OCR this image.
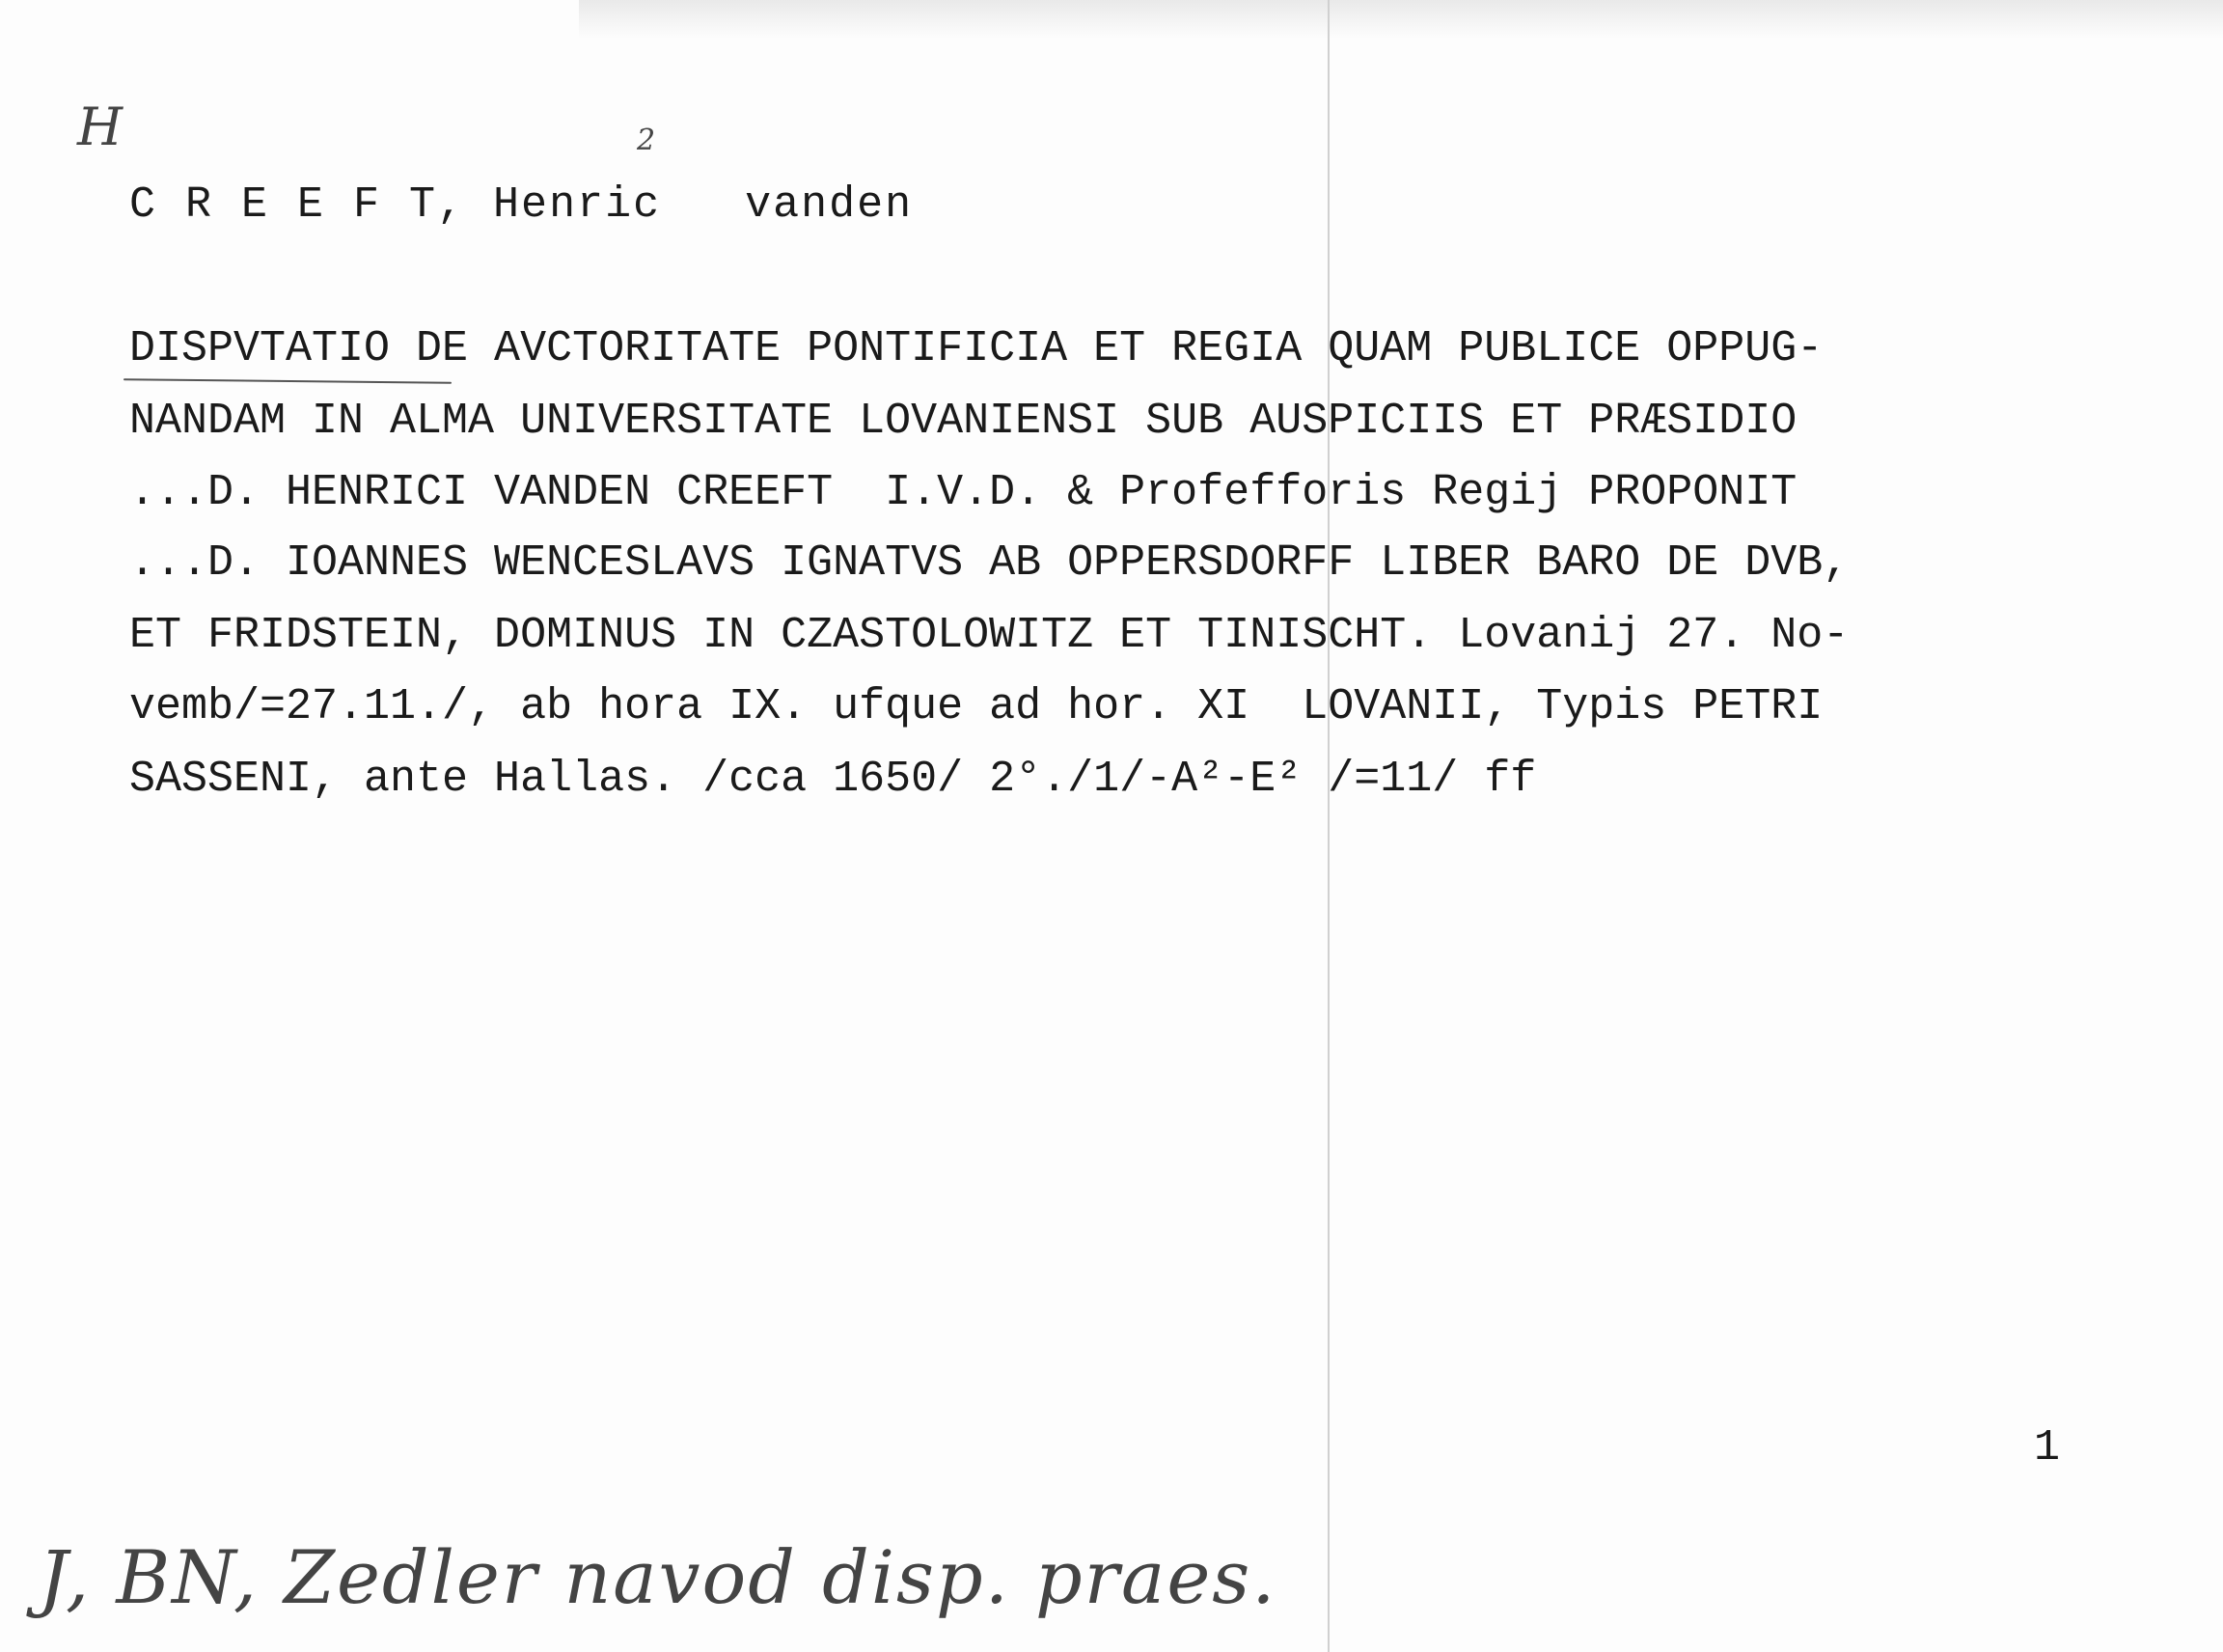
H	2
C R E E F T, Henric   vanden
DISPVTATIO DE AVCTORITATE PONTIFICIA ET REGIA QUAM PUBLICE OPPUG-
NANDAM IN ALMA UNIVERSITATE LOVANIENSI SUB AUSPICIIS ET PRÆSIDIO
...D. HENRICI VANDEN CREEFT  I.V.D. & Profefforis Regij PROPONIT
...D. IOANNES WENCESLAVS IGNATVS AB OPPERSDORFF LIBER BARO DE DVB,
ET FRIDSTEIN, DOMINUS IN CZASTOLOWITZ ET TINISCHT. Lovanij 27. No-
vemb/=27.11./, ab hora IX. ufque ad hor. XI  LOVANII, Typis PETRI
SASSENI, ante Hallas. /cca 1650/ 2°./1/-A²-E² /=11/ ff
1
J, BN, Zedler navod disp. praes.
